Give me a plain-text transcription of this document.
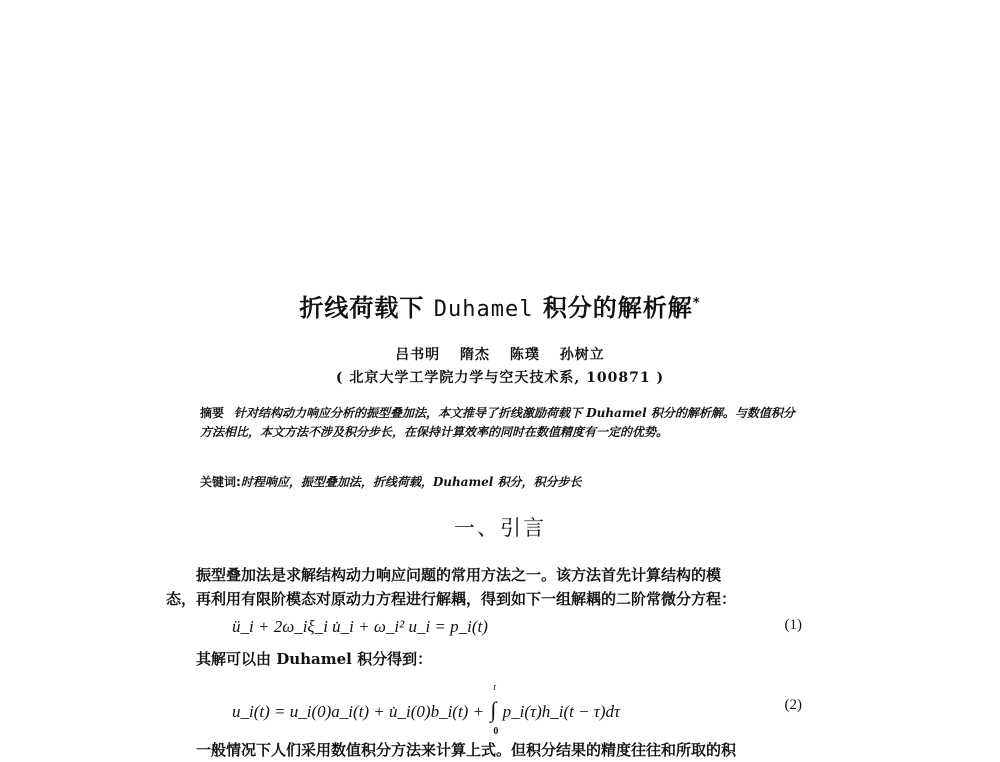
折线荷载下 Duhamel 积分的解析解*
吕书明 隋杰 陈璞 孙树立
( 北京大学工学院力学与空天技术系, 100871 )
摘要 针对结构动力响应分析的振型叠加法，本文推导了折线激励荷载下 Duhamel 积分的解析解。与数值积分方法相比，本文方法不涉及积分步长，在保持计算效率的同时在数值精度有一定的优势。
关键词:时程响应，振型叠加法，折线荷载，Duhamel 积分，积分步长
一、引言
振型叠加法是求解结构动力响应问题的常用方法之一。该方法首先计算结构的模
态，再利用有限阶模态对原动力方程进行解耦，得到如下一组解耦的二阶常微分方程：
ü_i + 2ω_iξ_i u̇_i + ω_i² u_i = p_i(t)	(1)
其解可以由 Duhamel 积分得到：
u_i(t) = u_i(0)a_i(t) + u̇_i(0)b_i(t) + ∫
t
0
p_i(τ)h_i(t − τ)dτ	(2)
一般情况下人们采用数值积分方法来计算上式。但积分结果的精度往往和所取的积
